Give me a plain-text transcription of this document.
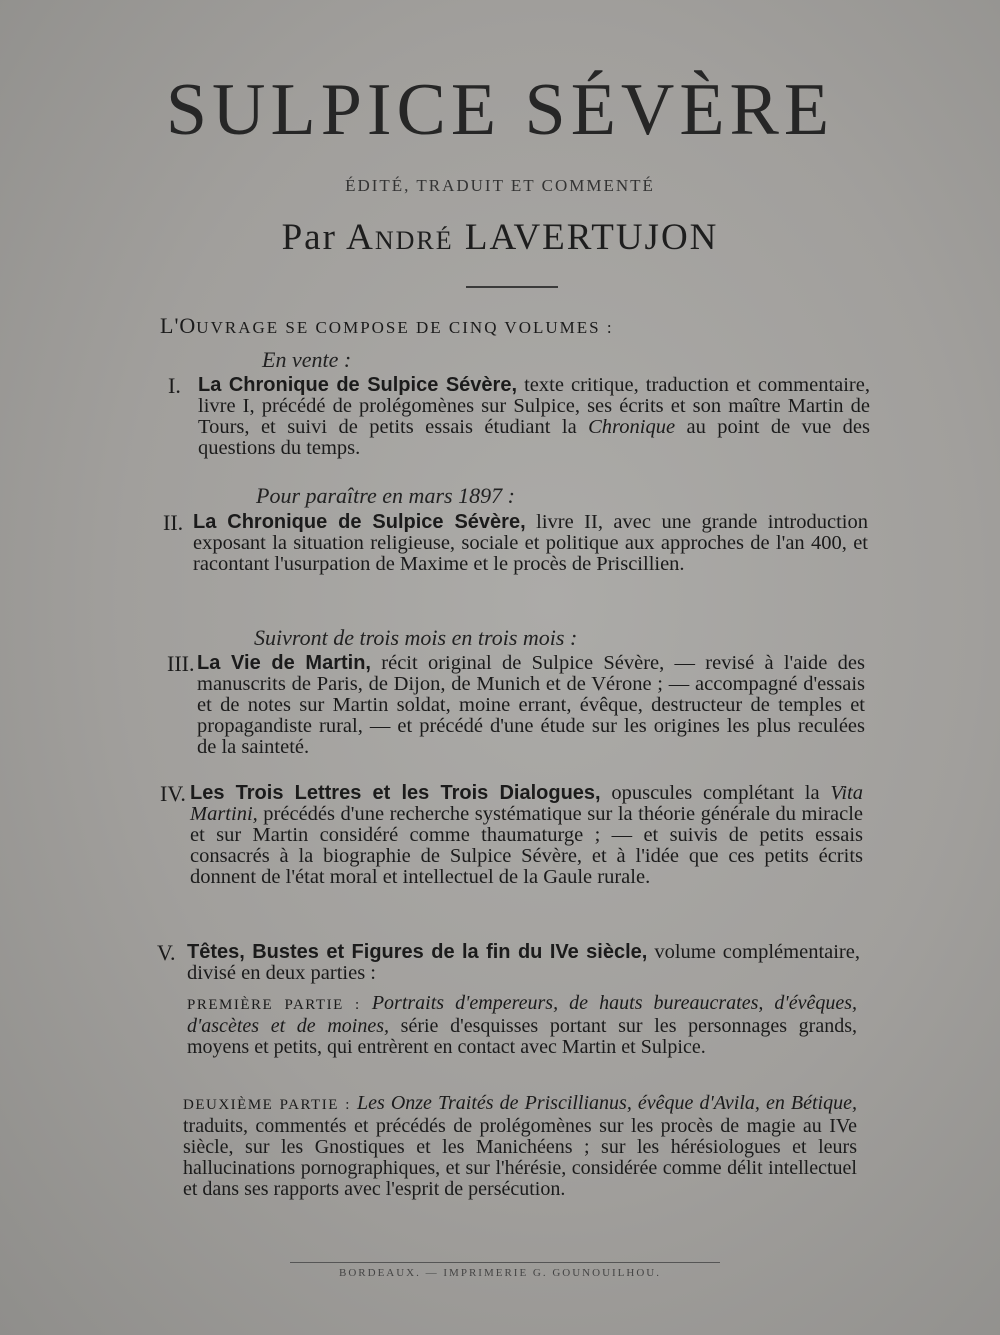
SULPICE SÉVÈRE
ÉDITÉ, TRADUIT ET COMMENTÉ
Par ANDRÉ LAVERTUJON
L'OUVRAGE SE COMPOSE DE CINQ VOLUMES :
En vente :
I. La Chronique de Sulpice Sévère, texte critique, traduction et commentaire, livre I, précédé de prolégomènes sur Sulpice, ses écrits et son maître Martin de Tours, et suivi de petits essais étudiant la Chronique au point de vue des questions du temps.
Pour paraître en mars 1897 :
II. La Chronique de Sulpice Sévère, livre II, avec une grande introduction exposant la situation religieuse, sociale et politique aux approches de l'an 400, et racontant l'usurpation de Maxime et le procès de Priscillien.
Suivront de trois mois en trois mois :
III. La Vie de Martin, récit original de Sulpice Sévère, — revisé à l'aide des manuscrits de Paris, de Dijon, de Munich et de Vérone ; — accompagné d'essais et de notes sur Martin soldat, moine errant, évêque, destructeur de temples et propagandiste rural, — et précédé d'une étude sur les origines les plus reculées de la sainteté.
IV. Les Trois Lettres et les Trois Dialogues, opuscules complétant la Vita Martini, précédés d'une recherche systématique sur la théorie générale du miracle et sur Martin considéré comme thaumaturge ; — et suivis de petits essais consacrés à la biographie de Sulpice Sévère, et à l'idée que ces petits écrits donnent de l'état moral et intellectuel de la Gaule rurale.
V. Têtes, Bustes et Figures de la fin du IVe siècle, volume complémentaire, divisé en deux parties :
PREMIÈRE PARTIE : Portraits d'empereurs, de hauts bureaucrates, d'évêques, d'ascètes et de moines, série d'esquisses portant sur les personnages grands, moyens et petits, qui entrèrent en contact avec Martin et Sulpice.
DEUXIÈME PARTIE : Les Onze Traités de Priscillianus, évêque d'Avila, en Bétique, traduits, commentés et précédés de prolégomènes sur les procès de magie au IVe siècle, sur les Gnostiques et les Manichéens ; sur les hérésiologues et leurs hallucinations pornographiques, et sur l'hérésie, considérée comme délit intellectuel et dans ses rapports avec l'esprit de persécution.
BORDEAUX. — IMPRIMERIE G. GOUNOUILHOU.
